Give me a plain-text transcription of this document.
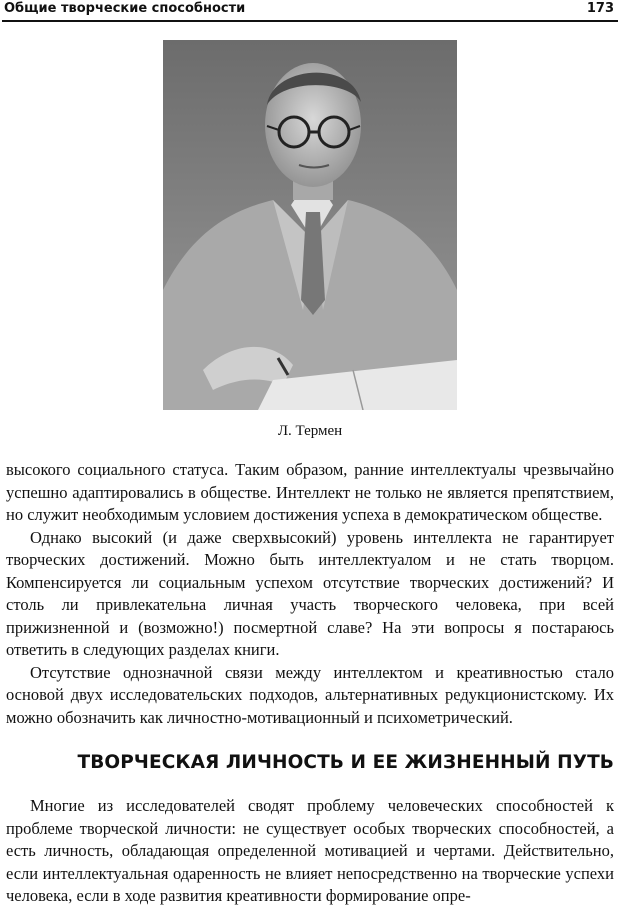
Общие творческие способности	173
Л. Термен

высокого социального статуса. Таким образом, ранние интеллектуалы чрезвычайно успешно адаптировались в обществе. Интеллект не только не является препятствием, но служит необходимым условием достижения успеха в демократическом обществе.

Однако высокий (и даже сверхвысокий) уровень интеллекта не гарантирует творческих достижений. Можно быть интеллектуалом и не стать творцом. Компенсируется ли социальным успехом отсутствие творческих достижений? И столь ли привлекательна личная участь творческого человека, при всей прижизненной и (возможно!) посмертной славе? На эти вопросы я постараюсь ответить в следующих разделах книги.

Отсутствие однозначной связи между интеллектом и креативностью стало основой двух исследовательских подходов, альтернативных редукционистскому. Их можно обозначить как личностно-мотивационный и психометрический.

ТВОРЧЕСКАЯ ЛИЧНОСТЬ И ЕЕ ЖИЗНЕННЫЙ ПУТЬ

Многие из исследователей сводят проблему человеческих способностей к проблеме творческой личности: не существует особых творческих способностей, а есть личность, обладающая определенной мотивацией и чертами. Действительно, если интеллектуальная одаренность не влияет непосредственно на творческие успехи человека, если в ходе развития креативности формирование опре-
